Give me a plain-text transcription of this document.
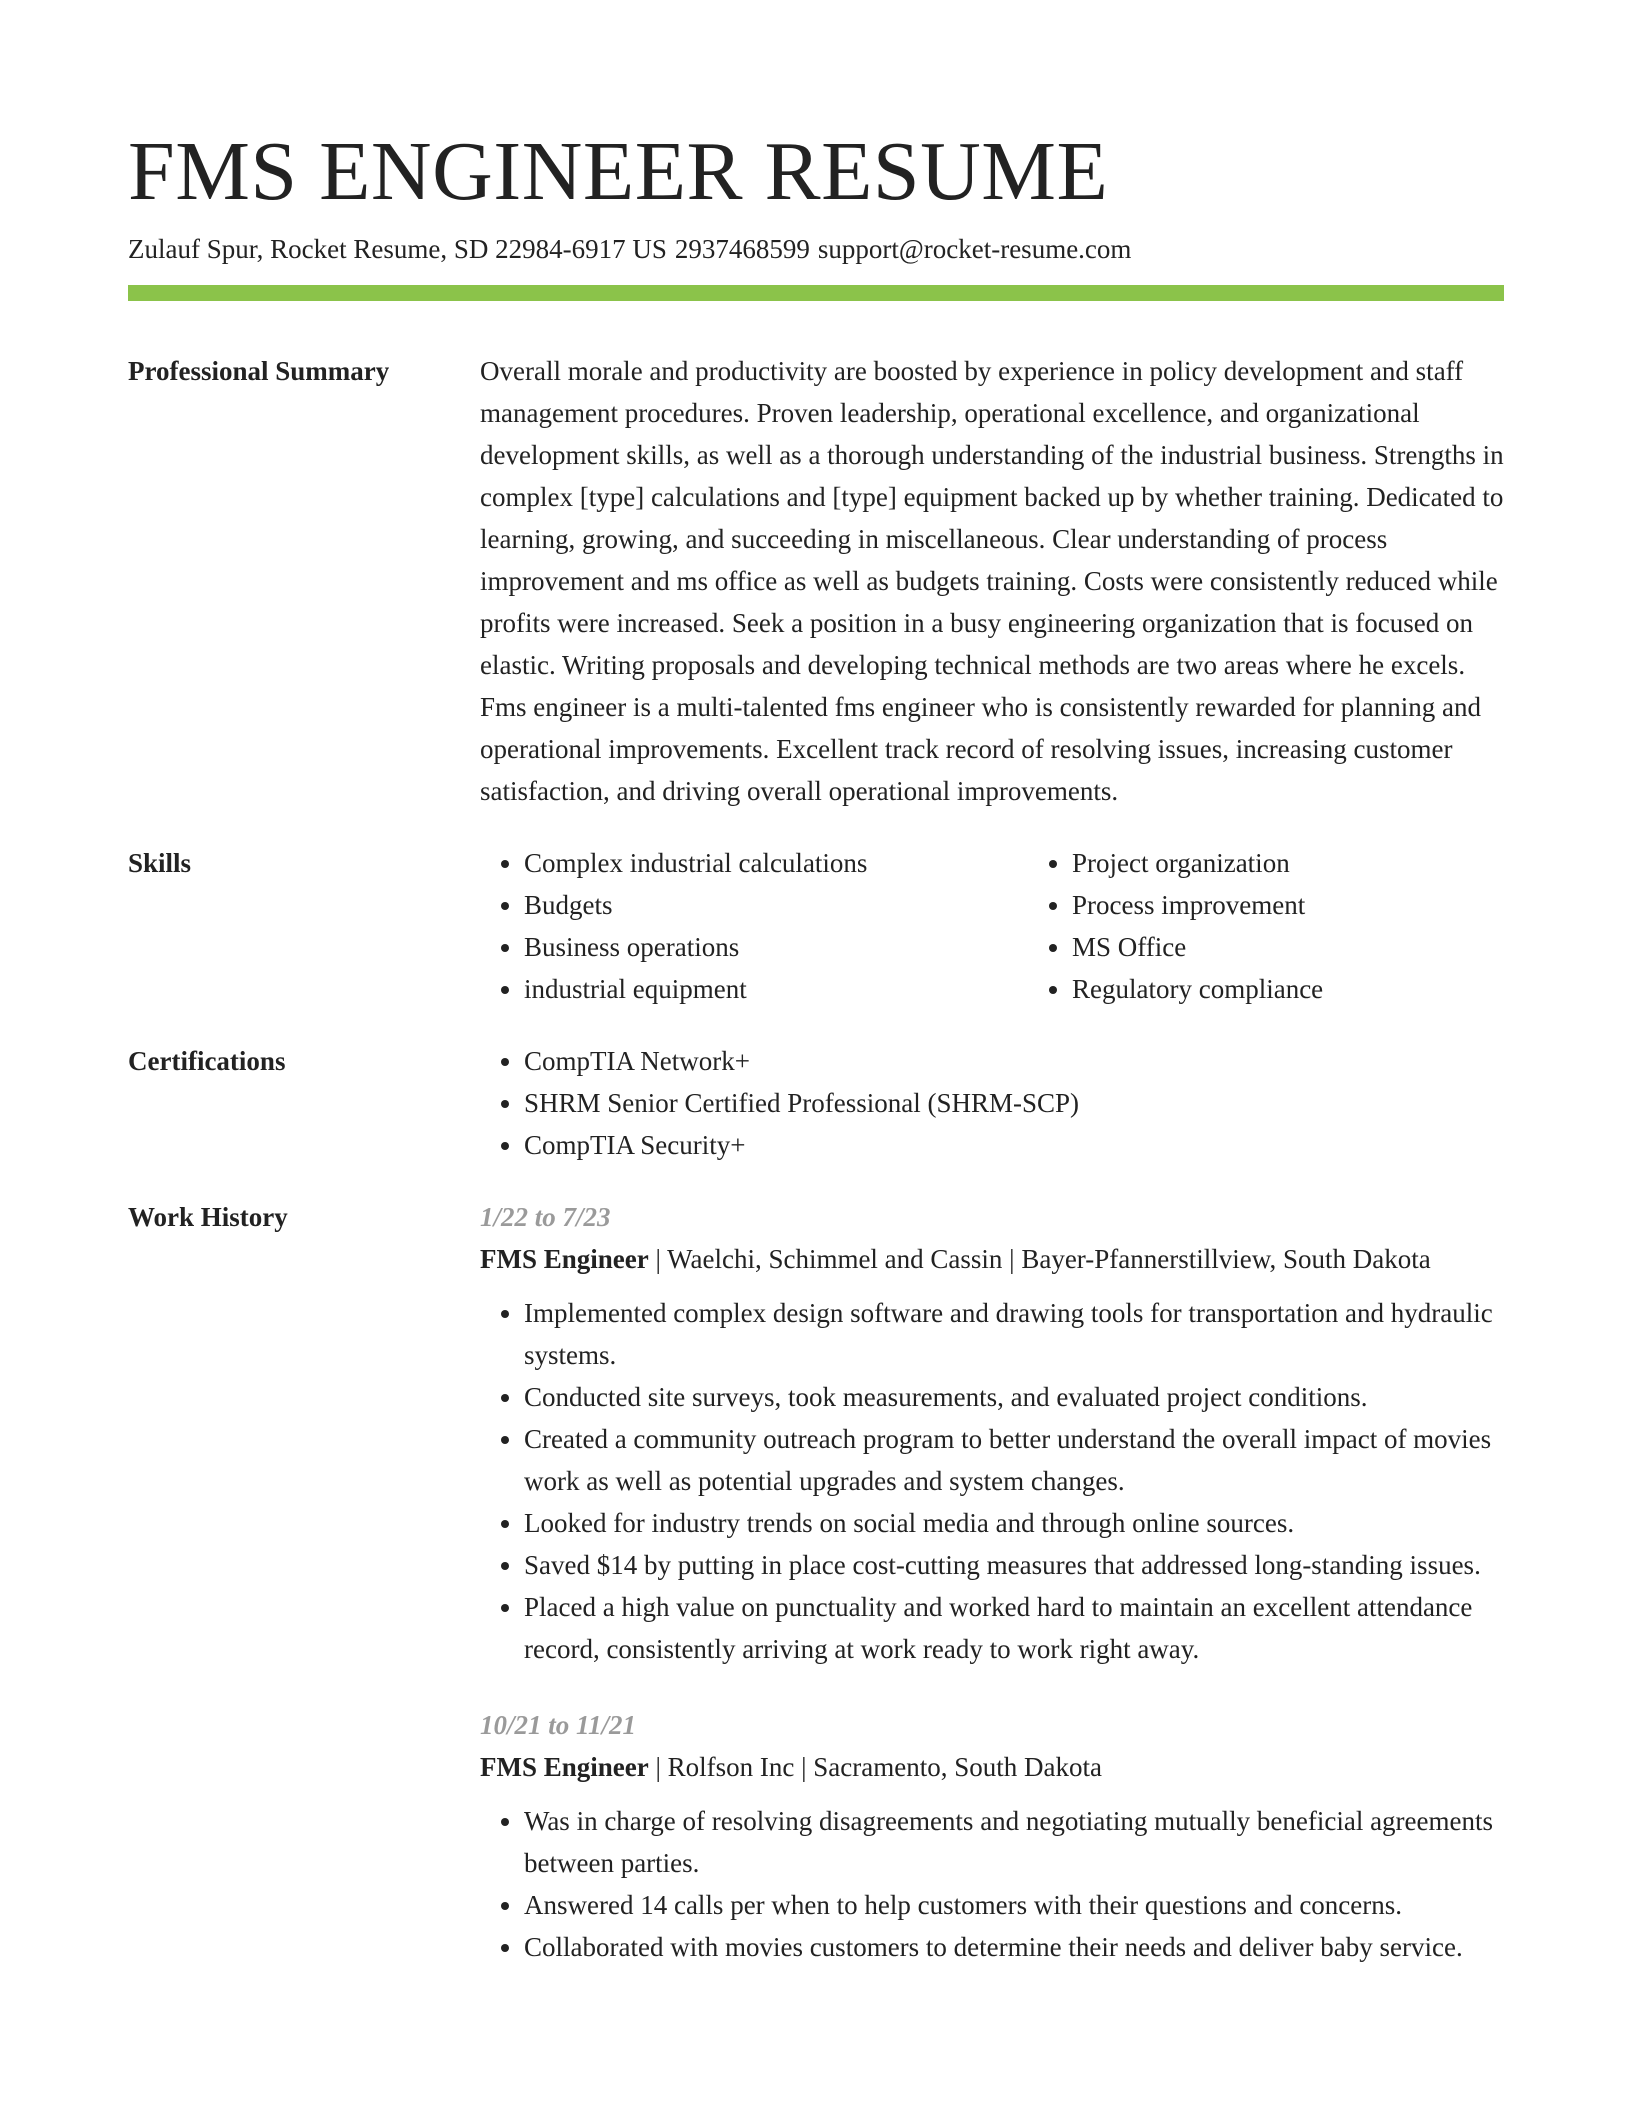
FMS ENGINEER RESUME
Zulauf Spur, Rocket Resume, SD 22984-6917 US 2937468599 support@rocket-resume.com
Professional Summary	Overall morale and productivity are boosted by experience in policy development and staff management procedures. Proven leadership, operational excellence, and organizational development skills, as well as a thorough understanding of the industrial business. Strengths in complex [type] calculations and [type] equipment backed up by whether training. Dedicated to learning, growing, and succeeding in miscellaneous. Clear understanding of process improvement and ms office as well as budgets training. Costs were consistently reduced while profits were increased. Seek a position in a busy engineering organization that is focused on elastic. Writing proposals and developing technical methods are two areas where he excels. Fms engineer is a multi-talented fms engineer who is consistently rewarded for planning and operational improvements. Excellent track record of resolving issues, increasing customer satisfaction, and driving overall operational improvements.

Skills	• Complex industrial calculations
• Budgets
• Business operations
• industrial equipment
• Project organization
• Process improvement
• MS Office
• Regulatory compliance
Certifications	• CompTIA Network+
• SHRM Senior Certified Professional (SHRM-SCP)
• CompTIA Security+
Work History	1/22 to 7/23
FMS Engineer | Waelchi, Schimmel and Cassin | Bayer-Pfannerstillview, South Dakota
• Implemented complex design software and drawing tools for transportation and hydraulic systems.
• Conducted site surveys, took measurements, and evaluated project conditions.
• Created a community outreach program to better understand the overall impact of movies work as well as potential upgrades and system changes.
• Looked for industry trends on social media and through online sources.
• Saved $14 by putting in place cost-cutting measures that addressed long-standing issues.
• Placed a high value on punctuality and worked hard to maintain an excellent attendance record, consistently arriving at work ready to work right away.
10/21 to 11/21
FMS Engineer | Rolfson Inc | Sacramento, South Dakota
• Was in charge of resolving disagreements and negotiating mutually beneficial agreements between parties.
• Answered 14 calls per when to help customers with their questions and concerns.
• Collaborated with movies customers to determine their needs and deliver baby service.
